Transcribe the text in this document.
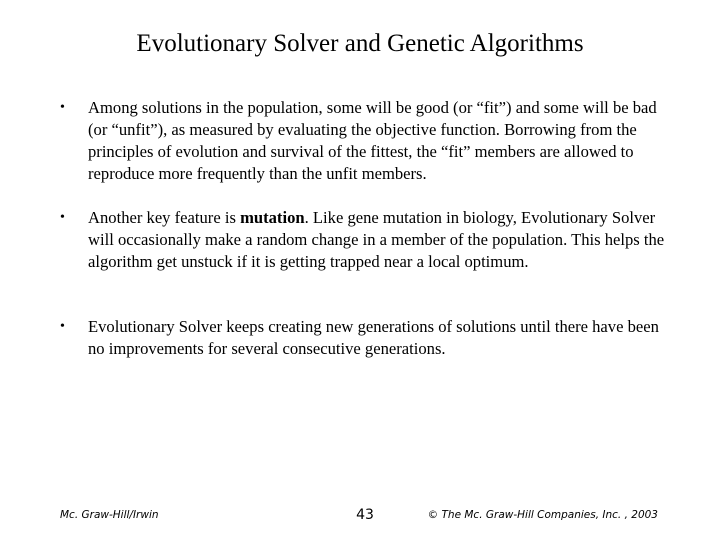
Evolutionary Solver and Genetic Algorithms
• Among solutions in the population, some will be good (or “fit”) and some will be bad (or “unfit”), as measured by evaluating the objective function. Borrowing from the principles of evolution and survival of the fittest, the “fit” members are allowed to reproduce more frequently than the unfit members.
• Another key feature is mutation. Like gene mutation in biology, Evolutionary Solver will occasionally make a random change in a member of the population. This helps the algorithm get unstuck if it is getting trapped near a local optimum.
• Evolutionary Solver keeps creating new generations of solutions until there have been no improvements for several consecutive generations.
Mc. Graw-Hill/Irwin	43	© The Mc. Graw-Hill Companies, Inc. , 2003
